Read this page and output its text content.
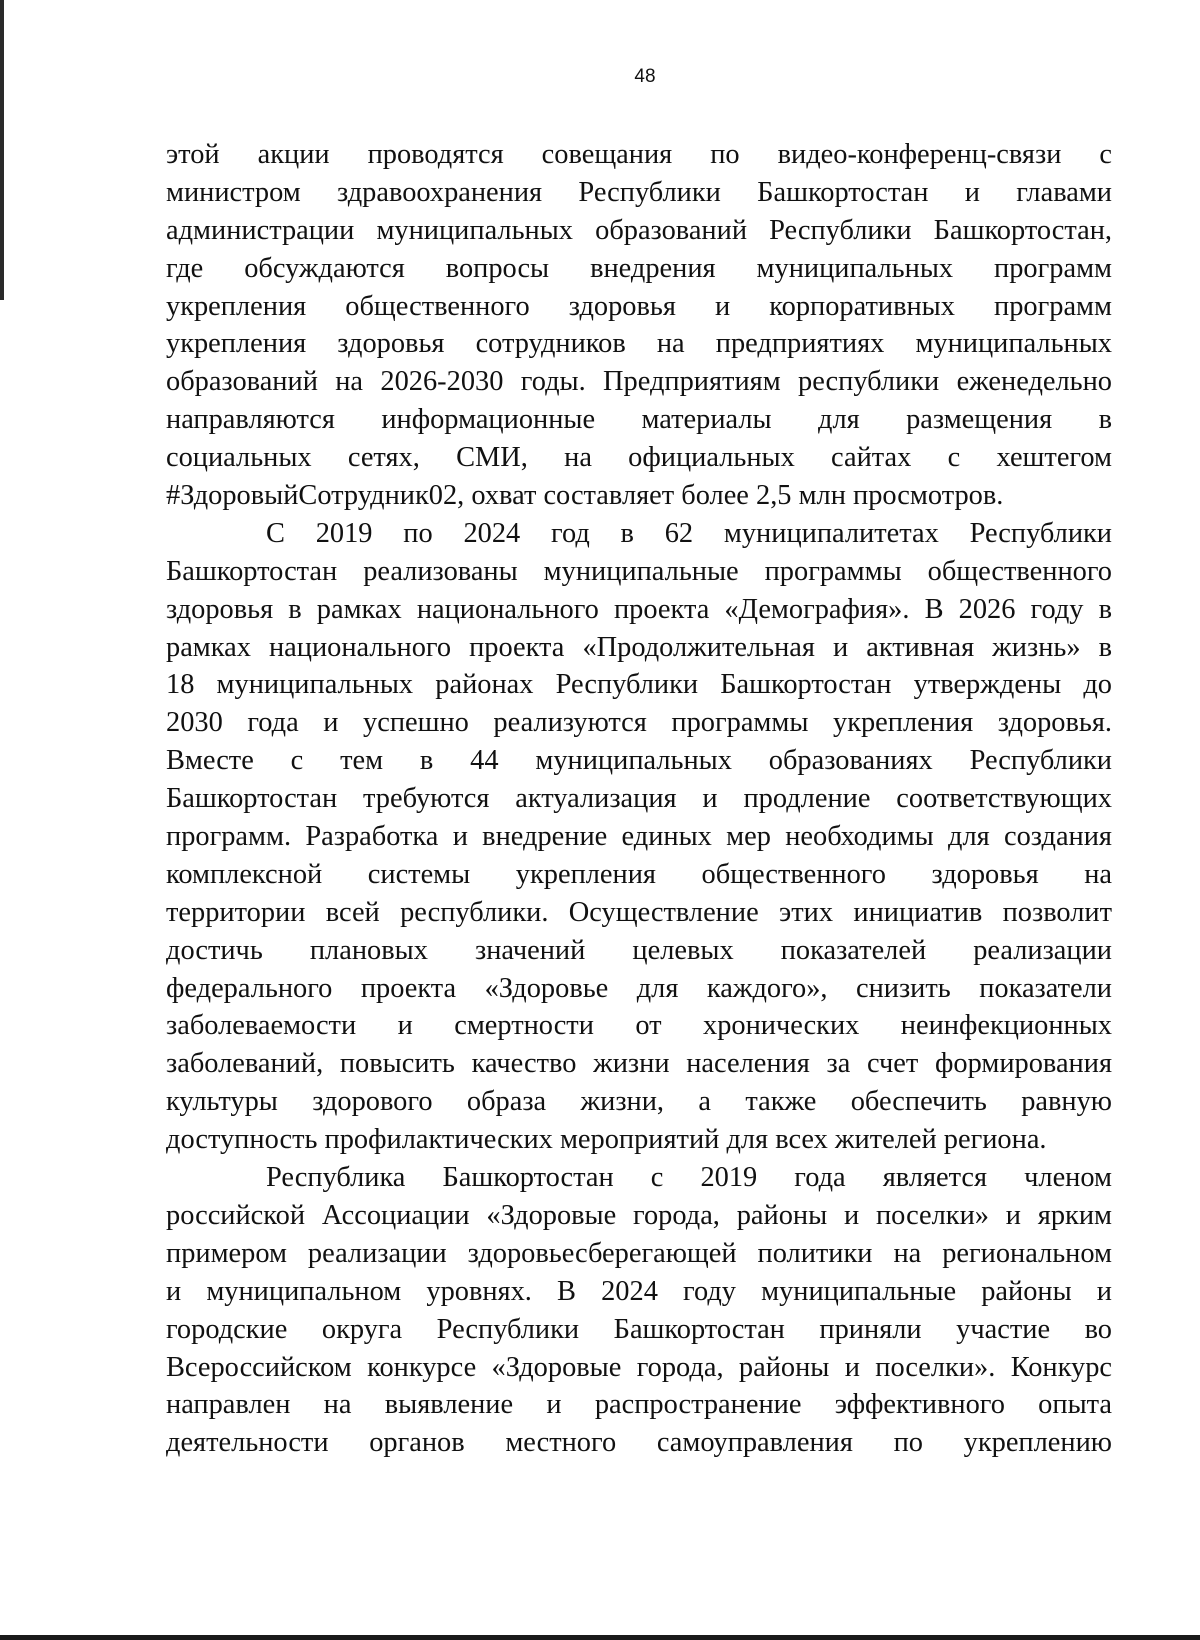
48
этой акции проводятся совещания по видео-конференц-связи с
министром здравоохранения Республики Башкортостан и главами
администрации муниципальных образований Республики Башкортостан,
где обсуждаются вопросы внедрения муниципальных программ
укрепления общественного здоровья и корпоративных программ
укрепления здоровья сотрудников на предприятиях муниципальных
образований на 2026-2030 годы. Предприятиям республики еженедельно
направляются информационные материалы для размещения в
социальных сетях, СМИ, на официальных сайтах с хештегом
#ЗдоровыйСотрудник02, охват составляет более 2,5 млн просмотров.
С 2019 по 2024 год в 62 муниципалитетах Республики
Башкортостан реализованы муниципальные программы общественного
здоровья в рамках национального проекта «Демография». В 2026 году в
рамках национального проекта «Продолжительная и активная жизнь» в
18 муниципальных районах Республики Башкортостан утверждены до
2030 года и успешно реализуются программы укрепления здоровья.
Вместе с тем в 44 муниципальных образованиях Республики
Башкортостан требуются актуализация и продление соответствующих
программ. Разработка и внедрение единых мер необходимы для создания
комплексной системы укрепления общественного здоровья на
территории всей республики. Осуществление этих инициатив позволит
достичь плановых значений целевых показателей реализации
федерального проекта «Здоровье для каждого», снизить показатели
заболеваемости и смертности от хронических неинфекционных
заболеваний, повысить качество жизни населения за счет формирования
культуры здорового образа жизни, а также обеспечить равную
доступность профилактических мероприятий для всех жителей региона.
Республика Башкортостан с 2019 года является членом
российской Ассоциации «Здоровые города, районы и поселки» и ярким
примером реализации здоровьесберегающей политики на региональном
и муниципальном уровнях. В 2024 году муниципальные районы и
городские округа Республики Башкортостан приняли участие во
Всероссийском конкурсе «Здоровые города, районы и поселки». Конкурс
направлен на выявление и распространение эффективного опыта
деятельности органов местного самоуправления по укреплению
